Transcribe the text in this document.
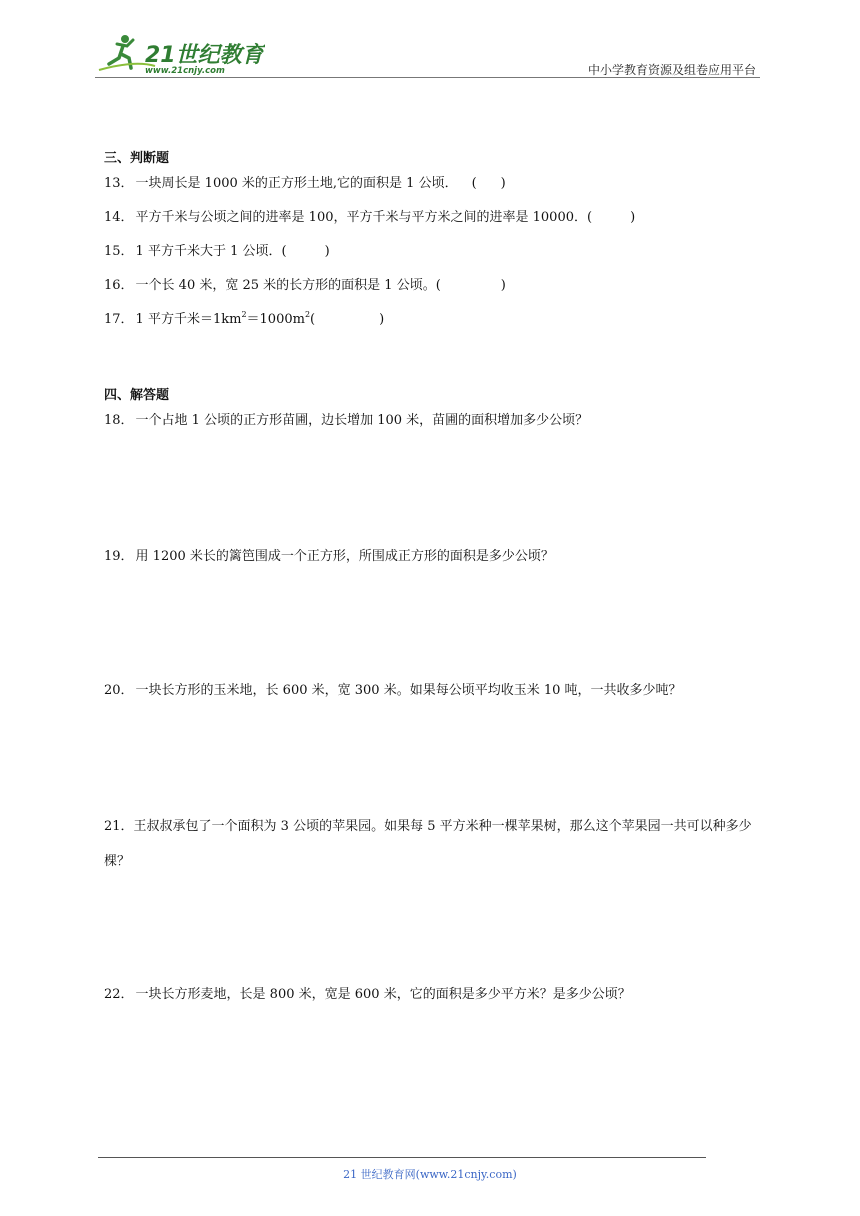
21世纪教育
www.21cnjy.com	中小学教育资源及组卷应用平台
三、判断题
13． 一块周长是 1000 米的正方形土地,它的面积是 1 公顷． ( )
14． 平方千米与公顷之间的进率是 100，平方千米与平方米之间的进率是 10000．(	)
15． 1 平方千米大于 1 公顷．(	)
16． 一个长 40 米，宽 25 米的长方形的面积是 1 公顷。(	)
17． 1 平方千米$=1km^2=1000m^2$(	)
四、解答题
18． 一个占地 1 公顷的正方形苗圃，边长增加 100 米，苗圃的面积增加多少公顷？
19． 用 1200 米长的篱笆围成一个正方形，所围成正方形的面积是多少公顷？
20． 一块长方形的玉米地，长 600 米，宽 300 米。如果每公顷平均收玉米 10 吨，一共收多少吨？
21．王叔叔承包了一个面积为 3 公顷的苹果园。如果每 5 平方米种一棵苹果树，那么这个苹果园一共可以种多少棵？
22． 一块长方形麦地，长是 800 米，宽是 600 米，它的面积是多少平方米？是多少公顷？
21 世纪教育网(www.21cnjy.com)
